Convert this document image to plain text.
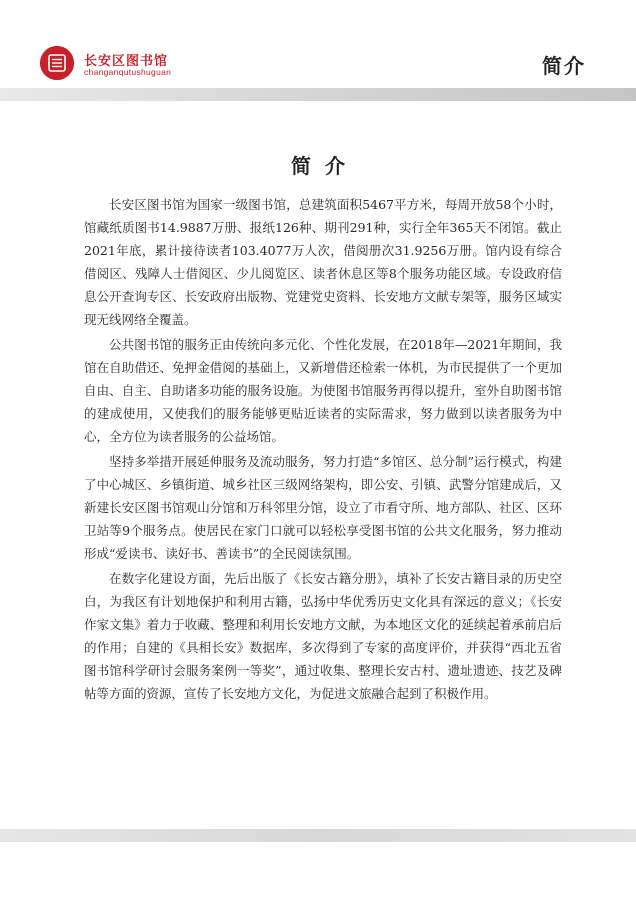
长安区图书馆
changanqutushuguan	简介
简介

长安区图书馆为国家一级图书馆，总建筑面积5467平方米，每周开放58个小时，馆藏纸质图书14.9887万册、报纸126种、期刊291种，实行全年365天不闭馆。截止2021年底，累计接待读者103.4077万人次，借阅册次31.9256万册。馆内设有综合借阅区、残障人士借阅区、少儿阅览区、读者休息区等8个服务功能区域。专设政府信息公开查询专区、长安政府出版物、党建党史资料、长安地方文献专架等，服务区域实现无线网络全覆盖。

公共图书馆的服务正由传统向多元化、个性化发展，在2018年—2021年期间，我馆在自助借还、免押金借阅的基础上，又新增借还检索一体机，为市民提供了一个更加自由、自主、自助诸多功能的服务设施。为使图书馆服务再得以提升，室外自助图书馆的建成使用，又使我们的服务能够更贴近读者的实际需求，努力做到以读者服务为中心，全方位为读者服务的公益场馆。

坚持多举措开展延伸服务及流动服务，努力打造“多馆区、总分制”运行模式，构建了中心城区、乡镇街道、城乡社区三级网络架构，即公安、引镇、武警分馆建成后，又新建长安区图书馆观山分馆和万科邻里分馆，设立了市看守所、地方部队、社区、区环卫站等9个服务点。使居民在家门口就可以轻松享受图书馆的公共文化服务，努力推动形成“爱读书、读好书、善读书”的全民阅读氛围。

在数字化建设方面，先后出版了《长安古籍分册》，填补了长安古籍目录的历史空白，为我区有计划地保护和利用古籍，弘扬中华优秀历史文化具有深远的意义；《长安作家文集》着力于收藏、整理和利用长安地方文献，为本地区文化的延续起着承前启后的作用；自建的《具相长安》数据库，多次得到了专家的高度评价，并获得“西北五省图书馆科学研讨会服务案例一等奖”，通过收集、整理长安古村、遗址遗迹、技艺及碑帖等方面的资源，宣传了长安地方文化，为促进文旅融合起到了积极作用。
